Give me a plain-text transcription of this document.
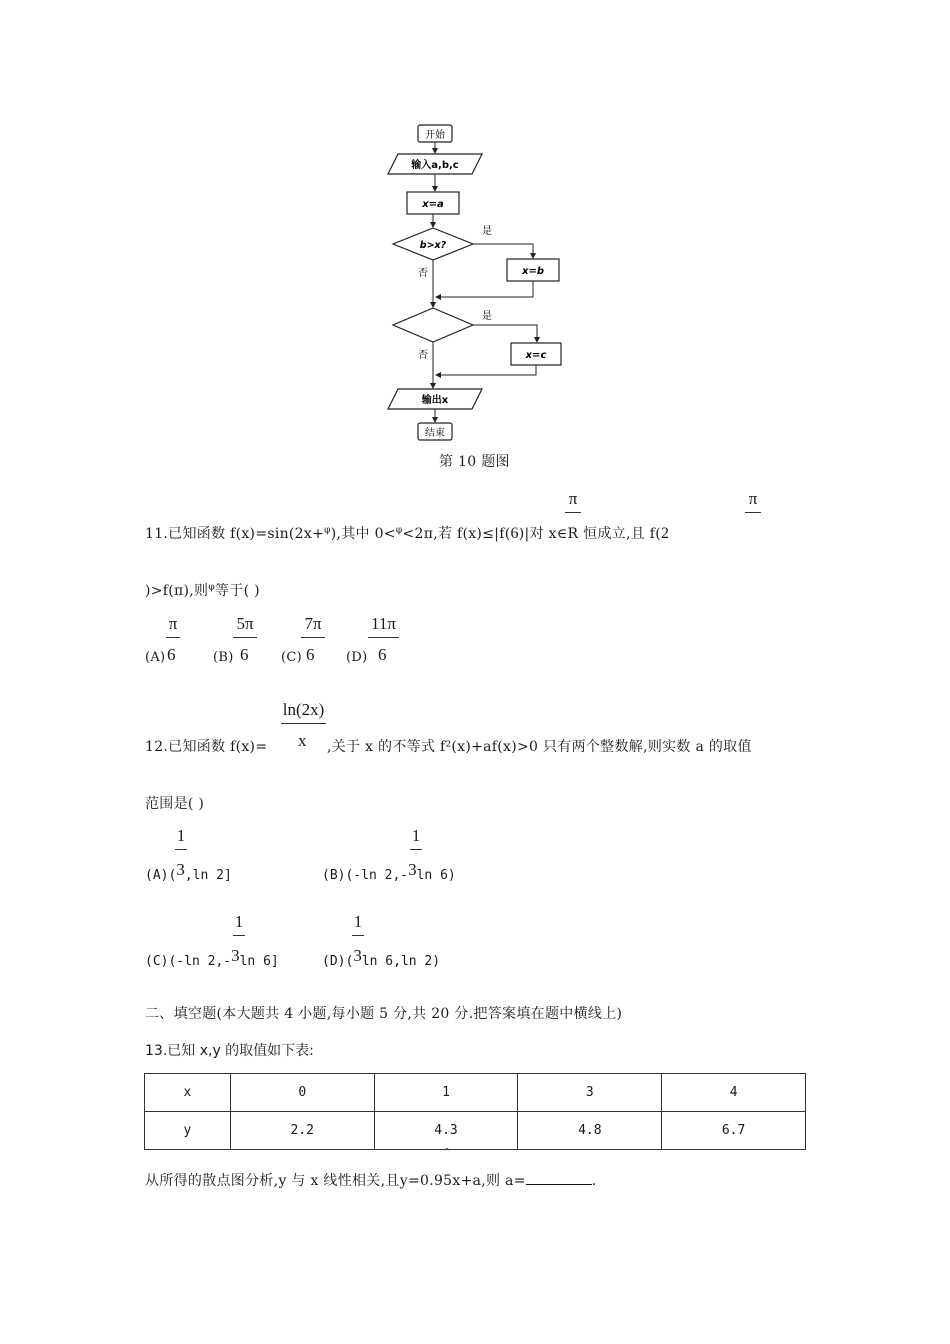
开始
输入a,b,c
x=a
b>x?
是
否	x=b
是
否	x=c
输出x
结束
第 10 题图
11.已知函数 f(x)=sin(2x+$^\varphi$),其中 0<$^\varphi$<2π,若 f(x)≤|f(6)|对 x∈R 恒成立,且 f(2
π	π
)>f(π),则$^\varphi$等于( )
(A)
π
6	(B)
5π
6	(C)
7π
6 (D)
11π
6
ln(2x)
x
12.已知函数 f(x)=	,关于 x 的不等式 f²(x)+af(x)>0 只有两个整数解,则实数 a 的取值
范围是( )
1
(A)(3,ln 2]
1
(B)(-ln 2,-3ln 6)
1
(C)(-ln 2,-3ln 6]
1
(D)(3ln 6,ln 2)
二、填空题(本大题共 4 小题,每小题 5 分,共 20 分.把答案填在题中横线上)
13.已知 x,y 的取值如下表:
x	0	1	3	4
y	2.2	4.3	4.8	6.7
^
从所得的散点图分析,y 与 x 线性相关,且y=0.95x+a,则 a=	.
